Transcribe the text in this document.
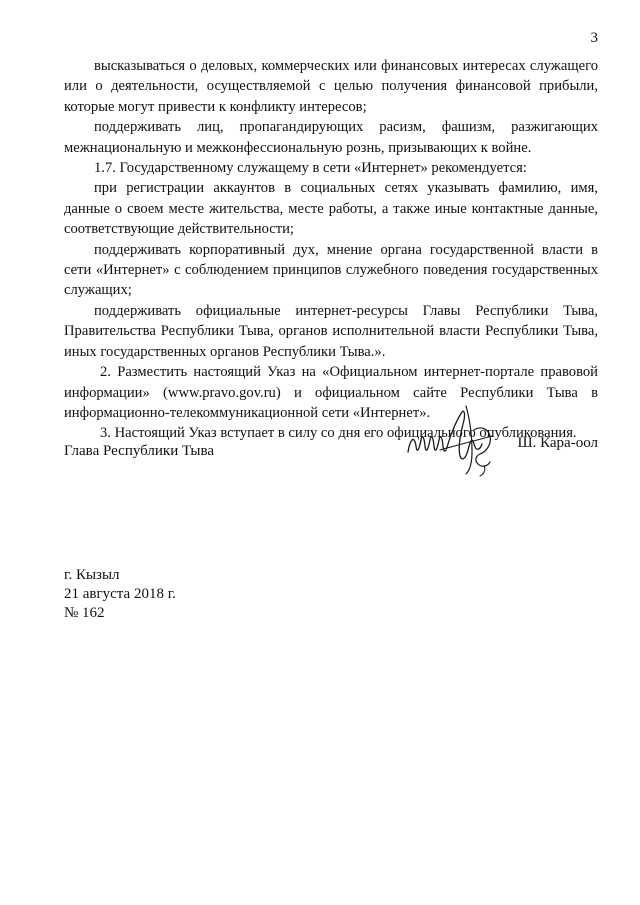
3

высказываться о деловых, коммерческих или финансовых интересах служащего или о деятельности, осуществляемой с целью получения финансовой прибыли, которые могут привести к конфликту интересов;

поддерживать лиц, пропагандирующих расизм, фашизм, разжигающих межнациональную и межконфессиональную рознь, призывающих к войне.

1.7. Государственному служащему в сети «Интернет» рекомендуется:

при регистрации аккаунтов в социальных сетях указывать фамилию, имя, данные о своем месте жительства, месте работы, а также иные контактные данные, соответствующие действительности;

поддерживать корпоративный дух, мнение органа государственной власти в сети «Интернет» с соблюдением принципов служебного поведения государственных служащих;

поддерживать официальные интернет-ресурсы Главы Республики Тыва, Правительства Республики Тыва, органов исполнительной власти Республики Тыва, иных государственных органов Республики Тыва.».

2. Разместить настоящий Указ на «Официальном интернет-портале правовой информации» (www.pravo.gov.ru) и официальном сайте Республики Тыва в информационно-телекоммуникационной сети «Интернет».

3. Настоящий Указ вступает в силу со дня его официального опубликования.

Глава Республики Тыва	Ш. Кара-оол
г. Кызыл
21 августа 2018 г.
№ 162
